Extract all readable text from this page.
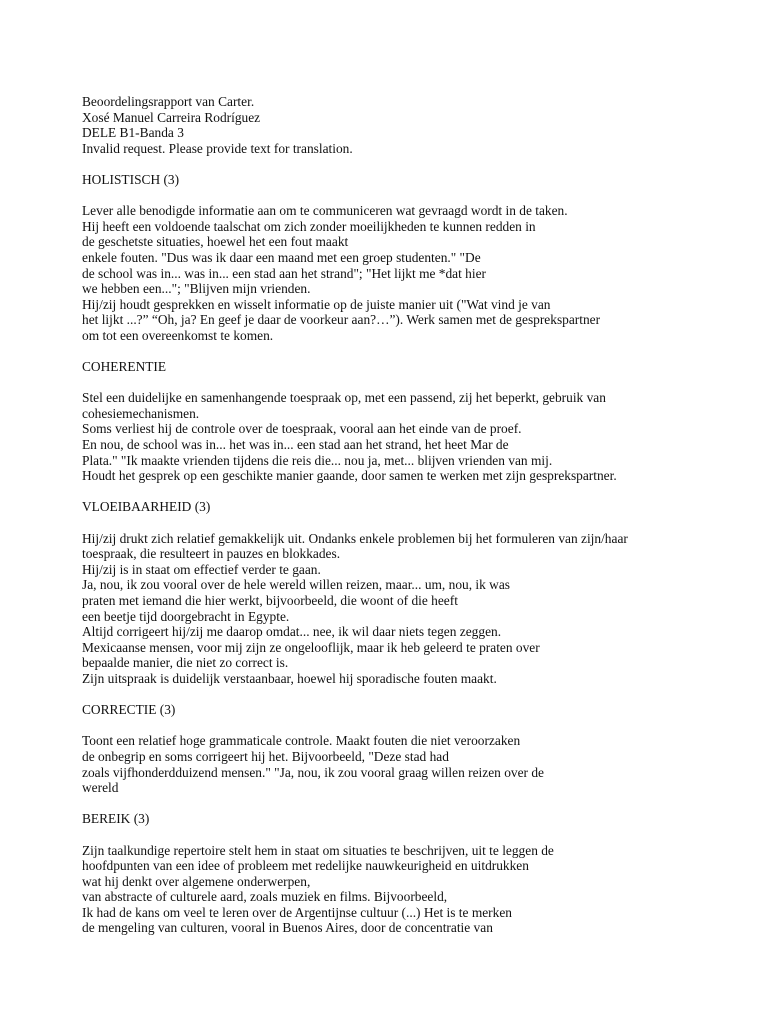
Beoordelingsrapport van Carter.
Xosé Manuel Carreira Rodríguez
DELE B1-Banda 3
Invalid request. Please provide text for translation.
HOLISTISCH (3)
Lever alle benodigde informatie aan om te communiceren wat gevraagd wordt in de taken.
Hij heeft een voldoende taalschat om zich zonder moeilijkheden te kunnen redden in
de geschetste situaties, hoewel het een fout maakt
enkele fouten. "Dus was ik daar een maand met een groep studenten." "De
de school was in... was in... een stad aan het strand"; "Het lijkt me *dat hier
we hebben een..."; "Blijven mijn vrienden.
Hij/zij houdt gesprekken en wisselt informatie op de juiste manier uit ("Wat vind je van
het lijkt ...?” “Oh, ja? En geef je daar de voorkeur aan?…”). Werk samen met de gesprekspartner
om tot een overeenkomst te komen.
COHERENTIE
Stel een duidelijke en samenhangende toespraak op, met een passend, zij het beperkt, gebruik van
cohesiemechanismen.
Soms verliest hij de controle over de toespraak, vooral aan het einde van de proef.
En nou, de school was in... het was in... een stad aan het strand, het heet Mar de
Plata." "Ik maakte vrienden tijdens die reis die... nou ja, met... blijven vrienden van mij.
Houdt het gesprek op een geschikte manier gaande, door samen te werken met zijn gesprekspartner.
VLOEIBAARHEID (3)
Hij/zij drukt zich relatief gemakkelijk uit. Ondanks enkele problemen bij het formuleren van zijn/haar
toespraak, die resulteert in pauzes en blokkades.
Hij/zij is in staat om effectief verder te gaan.
Ja, nou, ik zou vooral over de hele wereld willen reizen, maar... um, nou, ik was
praten met iemand die hier werkt, bijvoorbeeld, die woont of die heeft
een beetje tijd doorgebracht in Egypte.
Altijd corrigeert hij/zij me daarop omdat... nee, ik wil daar niets tegen zeggen.
Mexicaanse mensen, voor mij zijn ze ongelooflijk, maar ik heb geleerd te praten over
bepaalde manier, die niet zo correct is.
Zijn uitspraak is duidelijk verstaanbaar, hoewel hij sporadische fouten maakt.
CORRECTIE (3)
Toont een relatief hoge grammaticale controle. Maakt fouten die niet veroorzaken
de onbegrip en soms corrigeert hij het. Bijvoorbeeld, "Deze stad had
zoals vijfhonderdduizend mensen." "Ja, nou, ik zou vooral graag willen reizen over de
wereld
BEREIK (3)
Zijn taalkundige repertoire stelt hem in staat om situaties te beschrijven, uit te leggen de
hoofdpunten van een idee of probleem met redelijke nauwkeurigheid en uitdrukken
wat hij denkt over algemene onderwerpen,
van abstracte of culturele aard, zoals muziek en films. Bijvoorbeeld,
Ik had de kans om veel te leren over de Argentijnse cultuur (...) Het is te merken
de mengeling van culturen, vooral in Buenos Aires, door de concentratie van
